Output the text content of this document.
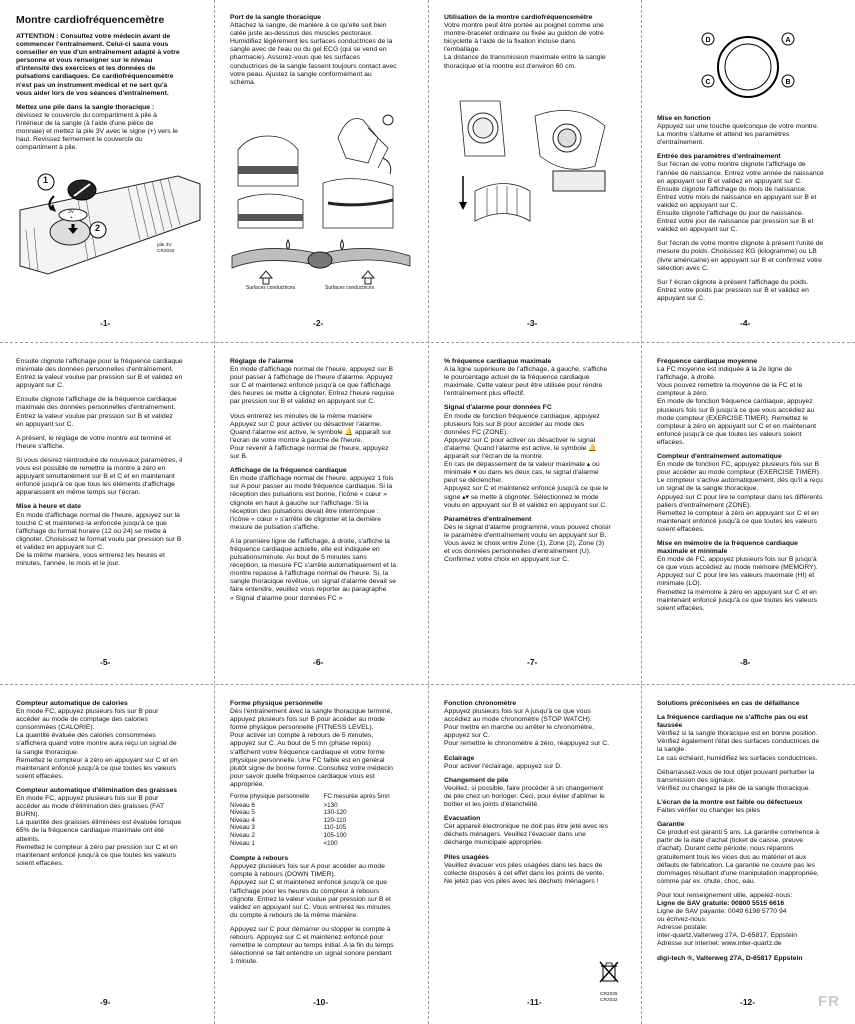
Montre cardiofréquencemètre
ATTENTION : Consultez votre médecin avant de
commencer l'entraînement. Celui-ci saura vous
conseiller en vue d'un entraînement adapté à votre
personne et vous renseigner sur le niveau
d'intensité des exercices et les données de
pulsations cardiaques. Ce cardiofréquencemètre
n'est pas un instrument médical et ne sert qu'à
vous aider lors de vos séances d'entraînement.
Mettez une pile dans la sangle thoracique :
dévissez le couvercle du compartiment à pile à
l'intérieur de la sangle (à l'aide d'une pièce de
monnaie) et mettez la pile 3V avec le signe (+) vers le
haut. Revissez fermement le couvercle du
compartiment à pile.
1
2
3V
+
pile 3V
CR2032
-1-
Port de la sangle thoracique
Attachez la sangle, de manière à ce qu'elle soit bien
calée juste au-dessous des muscles pectoraux.
Humidifiez légèrement les surfaces conductrices de la
sangle avec de l'eau ou du gel ECG (qui se vend en
pharmacie). Assurez-vous que les surfaces
conductrices de la sangle fassent toujours contact avec
votre peau. Ajustez la sangle conformément au
schéma.
Surfaces conductrices	Surfaces conductrices
-2-
Utilisation de la montre cardiofréquencemètre
Votre montre peut être portée au poignet comme une
montre-bracelet ordinaire ou fixée au guidon de votre
bicyclette à l'aide de la fixation incluse dans
l'emballage.
La distance de transmission maximale entre la sangle
thoracique et la montre est d'environ 60 cm.
-3-
D	A
C	B

Mise en fonction
Appuyez sur une touche quelconque de votre montre.
La montre s'allume et attend les paramètres
d'entraînement.

Entrée des paramètres d'entraînement
Sur l'écran de votre montre clignote l'affichage de
l'année de naissance. Entrez votre année de naissance
en appuyant sur B et validez en appuyant sur C.
Ensuite clignote l'affichage du mois de naissance.
Entrez votre mois de naissance en appuyant sur B et
validez en appuyant sur C.
Ensuite clignote l'affichage du jour de naissance.
Entrez votre jour de naissance par pression sur B et
validez en appuyant sur C.

Sur l'écran de votre montre clignote à présent l'unité de
mesure du poids. Choisissez KG (kilogramme) ou LB
(livre américaine) en appuyant sur B et confirmez votre
sélection avec C.

Sur l' écran clignote à présent l'affichage du poids.
Entrez votre poids par pression sur B et validez en
appuyant sur C.

-4-

Ensuite clignote l'affichage pour la fréquence cardiaque
minimale des données personnelles d'entraînement.
Entrez la valeur voulue par pression sur B et validez en
appuyant sur C.

Ensuite clignote l'affichage de la fréquence cardiaque
maximale des données personnelles d'entraînement.
Entrez la valeur voulue par pression sur B et validez
en appuyant sur C.

A présent, le réglage de votre montre est terminé et
l'heure s'affiche.

Si vous désirez réintroduire de nouveaux paramètres, il
vous est possible de remettre la montre à zéro en
appuyant simultanément sur B et C et en maintenant
enfoncé jusqu'à ce que tous les éléments d'affichage
apparaissent en même temps sur l'écran.

Mise à heure et date
En mode d'affichage normal de l'heure, appuyez sur la
touche C et maintenez-la enfoncée jusqu'à ce que
l'affichage du format horaire (12 ou 24) se mette à
clignoter. Choisissez le format voulu par pression sur B
et validez en appuyant sur C.
De la même manière, vous entrerez les heures et
minutes, l'année, le mois et le jour.

-5-
Réglage de l'alarme

En mode d'affichage normal de l'heure, appuyez sur B
pour passer à l'affichage de l'heure d'alarme. Appuyez
sur C et maintenez enfoncé jusqu'à ce que l'affichage
des heures se mette à clignoter. Entrez l'heure requise
par pression sur B et validez en appuyant sur C.

Vous entrerez les minutes de la même manière
Appuyez sur C pour activer ou désactiver l'alarme.
Quand l'alarme est active, le symbole 🔔 apparaît sur
l'écran de votre montre à gauche de l'heure.
Pour revenir à l'affichage normal de l'heure, appuyez
sur B.

Affichage de la fréquence cardiaque

En mode d'affichage normal de l'heure, appuyez 1 fois
sur A pour passer au mode fréquence cardiaque. Si la
réception des pulsations est bonne, l'icône « cœur »
clignote en haut à gauche sur l'affichage. Si la
réception des pulsations devait être interrompue :
l'icône « cœur » s'arrête de clignoter et la dernière
mesure de pulsation s'affiche.

A la première ligne de l'affichage, à droite, s'affiche la
fréquence cardiaque actuelle, elle est indiquée en
pulsations/minute. Au bout de 5 minutes sans
réception, la mesure FC s'arrête automatiquement et la
montre repasse à l'affichage normal de l'heure. Si, la
sangle thoracique revêtue, un signal d'alarme devait se
faire entendre, veuillez vous reporter au paragraphe
« Signal d'alarme pour données FC »

-6-
% fréquence cardiaque maximale

A la ligne supérieure de l'affichage, à gauche, s'affiche
le pourcentage actuel de la fréquence cardiaque
maximale. Cette valeur peut être utilisée pour rendre
l'entraînement plus effectif.

Signal d'alarme pour données FC

En mode de fonction fréquence cardiaque, appuyez
plusieurs fois sur B pour accéder au mode des
données FC (ZONE).
Appuyez sur C pour activer ou désactiver le signal
d'alarme. Quand l'alarme est active, le symbole 🔔
apparaît sur l'écran de la montre.
En cas de dépassement de la valeur maximale ▴ ou
minimale ▾ ou dans les deux cas, le signal d'alarme
peut se déclencher.
Appuyez sur C et maintenez enfoncé jusqu'à ce que le
signe ▴▾ se mette à clignoter. Sélectionnez le mode
voulu en appuyant sur B et validez en appuyant sur C.

Paramètres d'entraînement

Dès le signal d'alarme programmé, vous pouvez choisir
le paramètre d'entraînement voulu en appuyant sur B.
Vous avez le choix entre Zone (1), Zone (2), Zone (3)
et vos données personnelles d'entraînement (U).
Confirmez votre choix en appuyant sur C.

-7-
Fréquence cardiaque moyenne

La FC moyenne est indiquée à la 2e ligne de
l'affichage, à droite.
Vous pouvez remettre la moyenne de la FC et le
compteur à zéro.
En mode de fonction fréquence cardiaque, appuyez
plusieurs fois sur B jusqu'à ce que vous accédiez au
mode compteur (EXERCISE TIMER). Remettez le
compteur à zéro en appuyant sur C et en maintenant
enfoncé jusqu'à ce que toutes les valeurs soient
effacées.

Compteur d'entraînement automatique

En mode de fonction FC, appuyez plusieurs fois sur B
pour accéder au mode compteur (EXERCISE TIMER).
Le compteur s'active automatiquement, dès qu'il a reçu
un signal de la sangle thoracique.
Appuyez sur C pour lire le compteur dans les différents
paliers d'entraînement (ZONE).
Remettez le compteur à zéro en appuyant sur C et en
maintenant enfoncé jusqu'à ce que toutes les valeurs
soient effacées.

Mise en mémoire de la fréquence cardiaque
maximale et minimale

En mode de FC, appuyez plusieurs fois sur B jusqu'à
ce que vous accédiez au mode mémoire (MEMORY).
Appuyez sur C pour lire les valeurs maximale (HI) et
minimale (LO).
Remettez la mémoire à zéro en appuyant sur C et en
maintenant enfoncé jusqu'à ce que toutes les valeurs
soient effacées.

-8-
Compteur automatique de calories

En mode FC, appuyez plusieurs fois sur B pour
accéder au mode de comptage des calories
consommées (CALORIE).
La quantité évaluée des calories consommées
s'affichera quand votre montre aura reçu un signal de
la sangle thoracique.
Remettez le compteur à zéro en appuyant sur C et en
maintenant enfoncé jusqu'à ce que toutes les valeurs
soient effacées.

Compteur automatique d'élimination des graisses

En mode FC, appuyez plusieurs fois sur B pour
accéder au mode d'élimination des graisses (FAT
BURN).
La quantité des graisses éliminées est évaluée lorsque
65% de la fréquence cardiaque maximale ont été
atteints.
Remettez le compteur à zéro par pression sur C et en
maintenant enfoncé jusqu'à ce que toutes les valeurs
soient effacées.

-9-
Forme physique personnelle
Dès l'entraînement avec la sangle thoracique terminé,
appuyez plusieurs fois sur B pour accéder au mode
forme physique personnelle (FITNESS LEVEL).
Pour activer un compte à rebours de 5 minutes,
appuyez sur C. Au bout de 5 mn (phase repos)
s'affichent votre fréquence cardiaque et votre forme
physique personnelle. Une FC faible est en général
plutôt signe de bonne forme. Consultez votre médecin
pour savoir quelle fréquence cardiaque vous est
appropriée.
Forme physique personnelle	FC mesurée après 5mn
Niveau 6	>130
Niveau 5	130-120
Niveau 4	120-110
Niveau 3	110-105
Niveau 2	105-100
Niveau 1	<100
Compte à rebours

Appuyez plusieurs fois sur A pour accéder au mode
compte à rebours (DOWN TIMER).
Appuyez sur C et maintenez enfoncé jusqu'à ce que
l'affichage pour les heures du compteur à rebours
clignote. Entrez la valeur voulue par pression sur B et
validez en appuyant sur C. Vous entrerez les minutes
du compte à rebours de la même manière.

Appuyez sur C pour démarrer ou stopper le compte à
rebours. Appuyez sur C et maintenez enfoncé pour
remettre le compteur au temps initial. A la fin du temps
sélectionné se fait entendre un signal sonore pendant
1 minute.

-10-
Fonction chronomètre

Appuyez plusieurs fois sur A jusqu'à ce que vous
accédiez au mode chronomètre (STOP WATCH).
Pour mettre en marche ou arrêter le chronomètre,
appuyez sur C.
Pour remettre le chronomètre à zéro, réappuyez sur C.

Eclairage

Pour activer l'éclairage, appuyez sur D.

Changement de pile

Veuillez, si possible, faire procéder à un changement
de pile chez un horloger. Ceci, pour éviter d'abîmer le
boîtier et les joints d'étanchéité.

Evacuation

Cet appareil électronique ne doit pas être jeté avec les
déchets ménagers. Veuillez l'évacuer dans une
décharge municipale appropriée.

Piles usagées

Veuillez évacuer vos piles usagées dans les bacs de
collecte disposés à cet effet dans les points de vente.
Ne jetez pas vos piles avec les déchets ménagers !

CR2025
CR2032
-11-
Solutions préconisées en cas de défaillance
La fréquence cardiaque ne s'affiche pas ou est
faussée

Vérifiez si la sangle thoracique est en bonne position.
Vérifiez également l'état des surfaces conductrices de
la sangle.
Le cas échéant, humidifiez les surfaces conductrices.

Débarrassez-vous de tout objet pouvant perturber la
transmission des signaux.
Vérifiez ou changez la pile de la sangle thoracique.

L'écran de la montre est faible ou défectueux

Faites vérifier ou changer les piles

Garantie

Ce produit est garanti 5 ans. La garantie commence à
partir de la date d'achat (ticket de caisse, preuve
d'achat). Durant cette période, nous réparons
gratuitement tous les vices dus au matériel et aux
défauts de fabrication. La garantie ne couvre pas les
dommages résultant d'une manipulation inappropriée,
comme par ex. chute, choc, eau.

Pour tout renseignement utile, appelez-nous:
Ligne de SAV gratuite: 00800 5515 6616

Ligne de SAV payante: 0049 6198 5770 94
ou écrivez-nous:
Adresse postale:
inter-quartz,Valterweg 27A, D-65817, Eppstein
Adresse sur internet: www.inter-quartz.de

digi-tech ®, Valterweg 27A, D-65817 Eppstein
-12-	FR
